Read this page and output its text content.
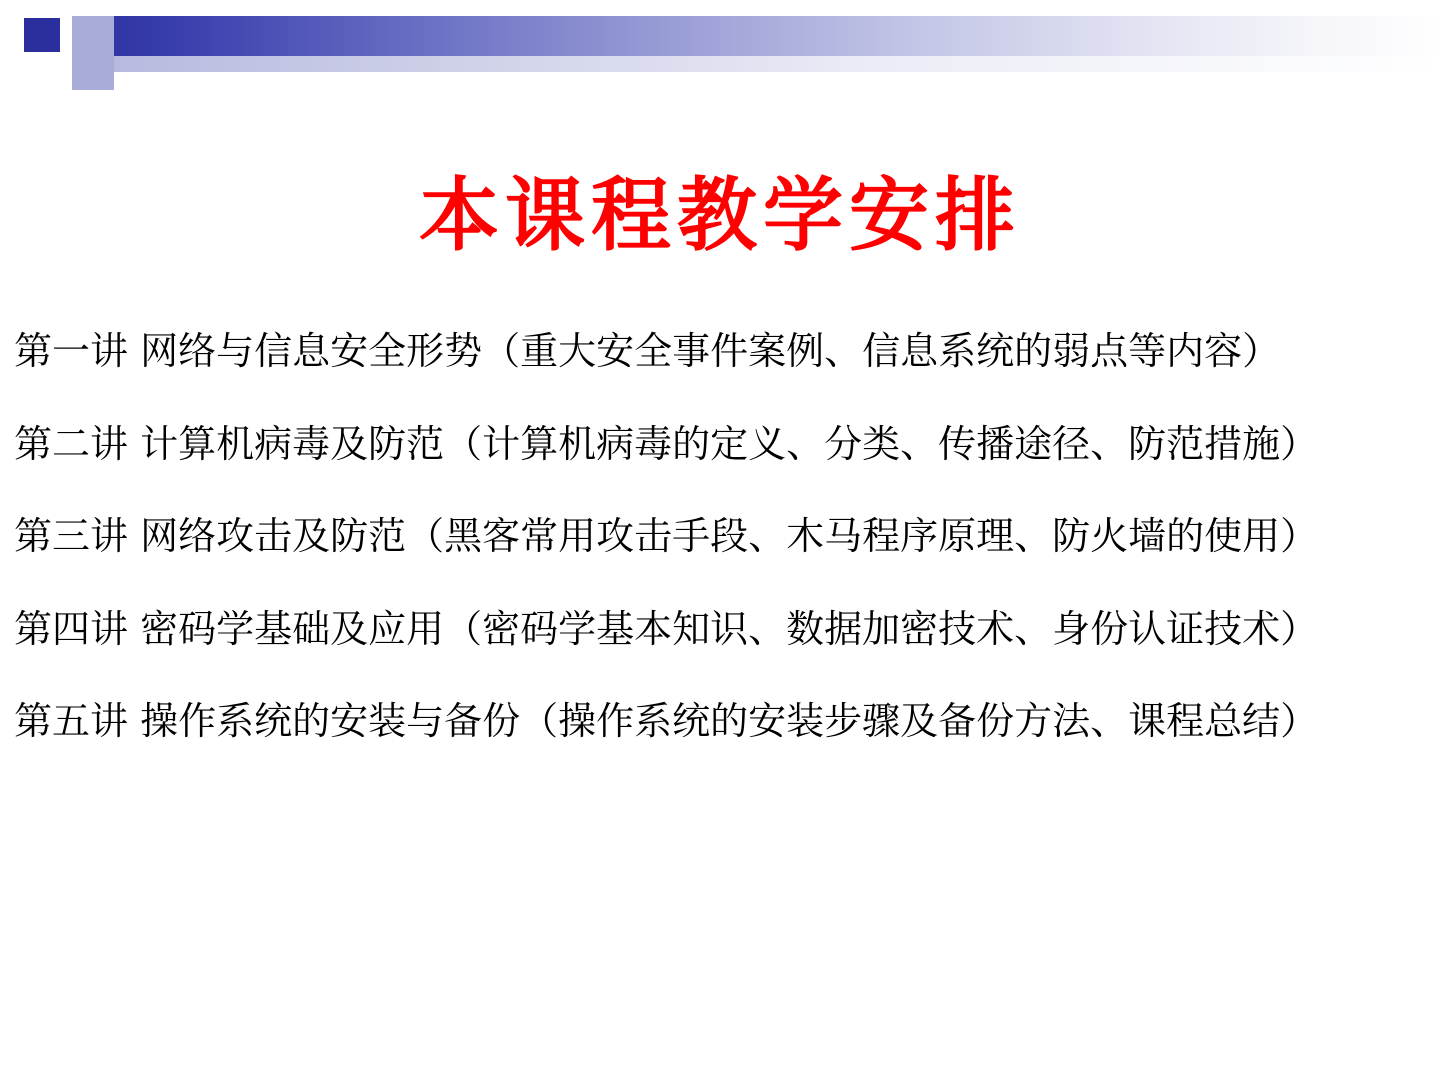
本课程教学安排
第一讲 网络与信息安全形势（重大安全事件案例、信息系统的弱点等内容）
第二讲 计算机病毒及防范（计算机病毒的定义、分类、传播途径、防范措施）
第三讲 网络攻击及防范（黑客常用攻击手段、木马程序原理、防火墙的使用）
第四讲 密码学基础及应用（密码学基本知识、数据加密技术、身份认证技术）
第五讲 操作系统的安装与备份（操作系统的安装步骤及备份方法、课程总结）
